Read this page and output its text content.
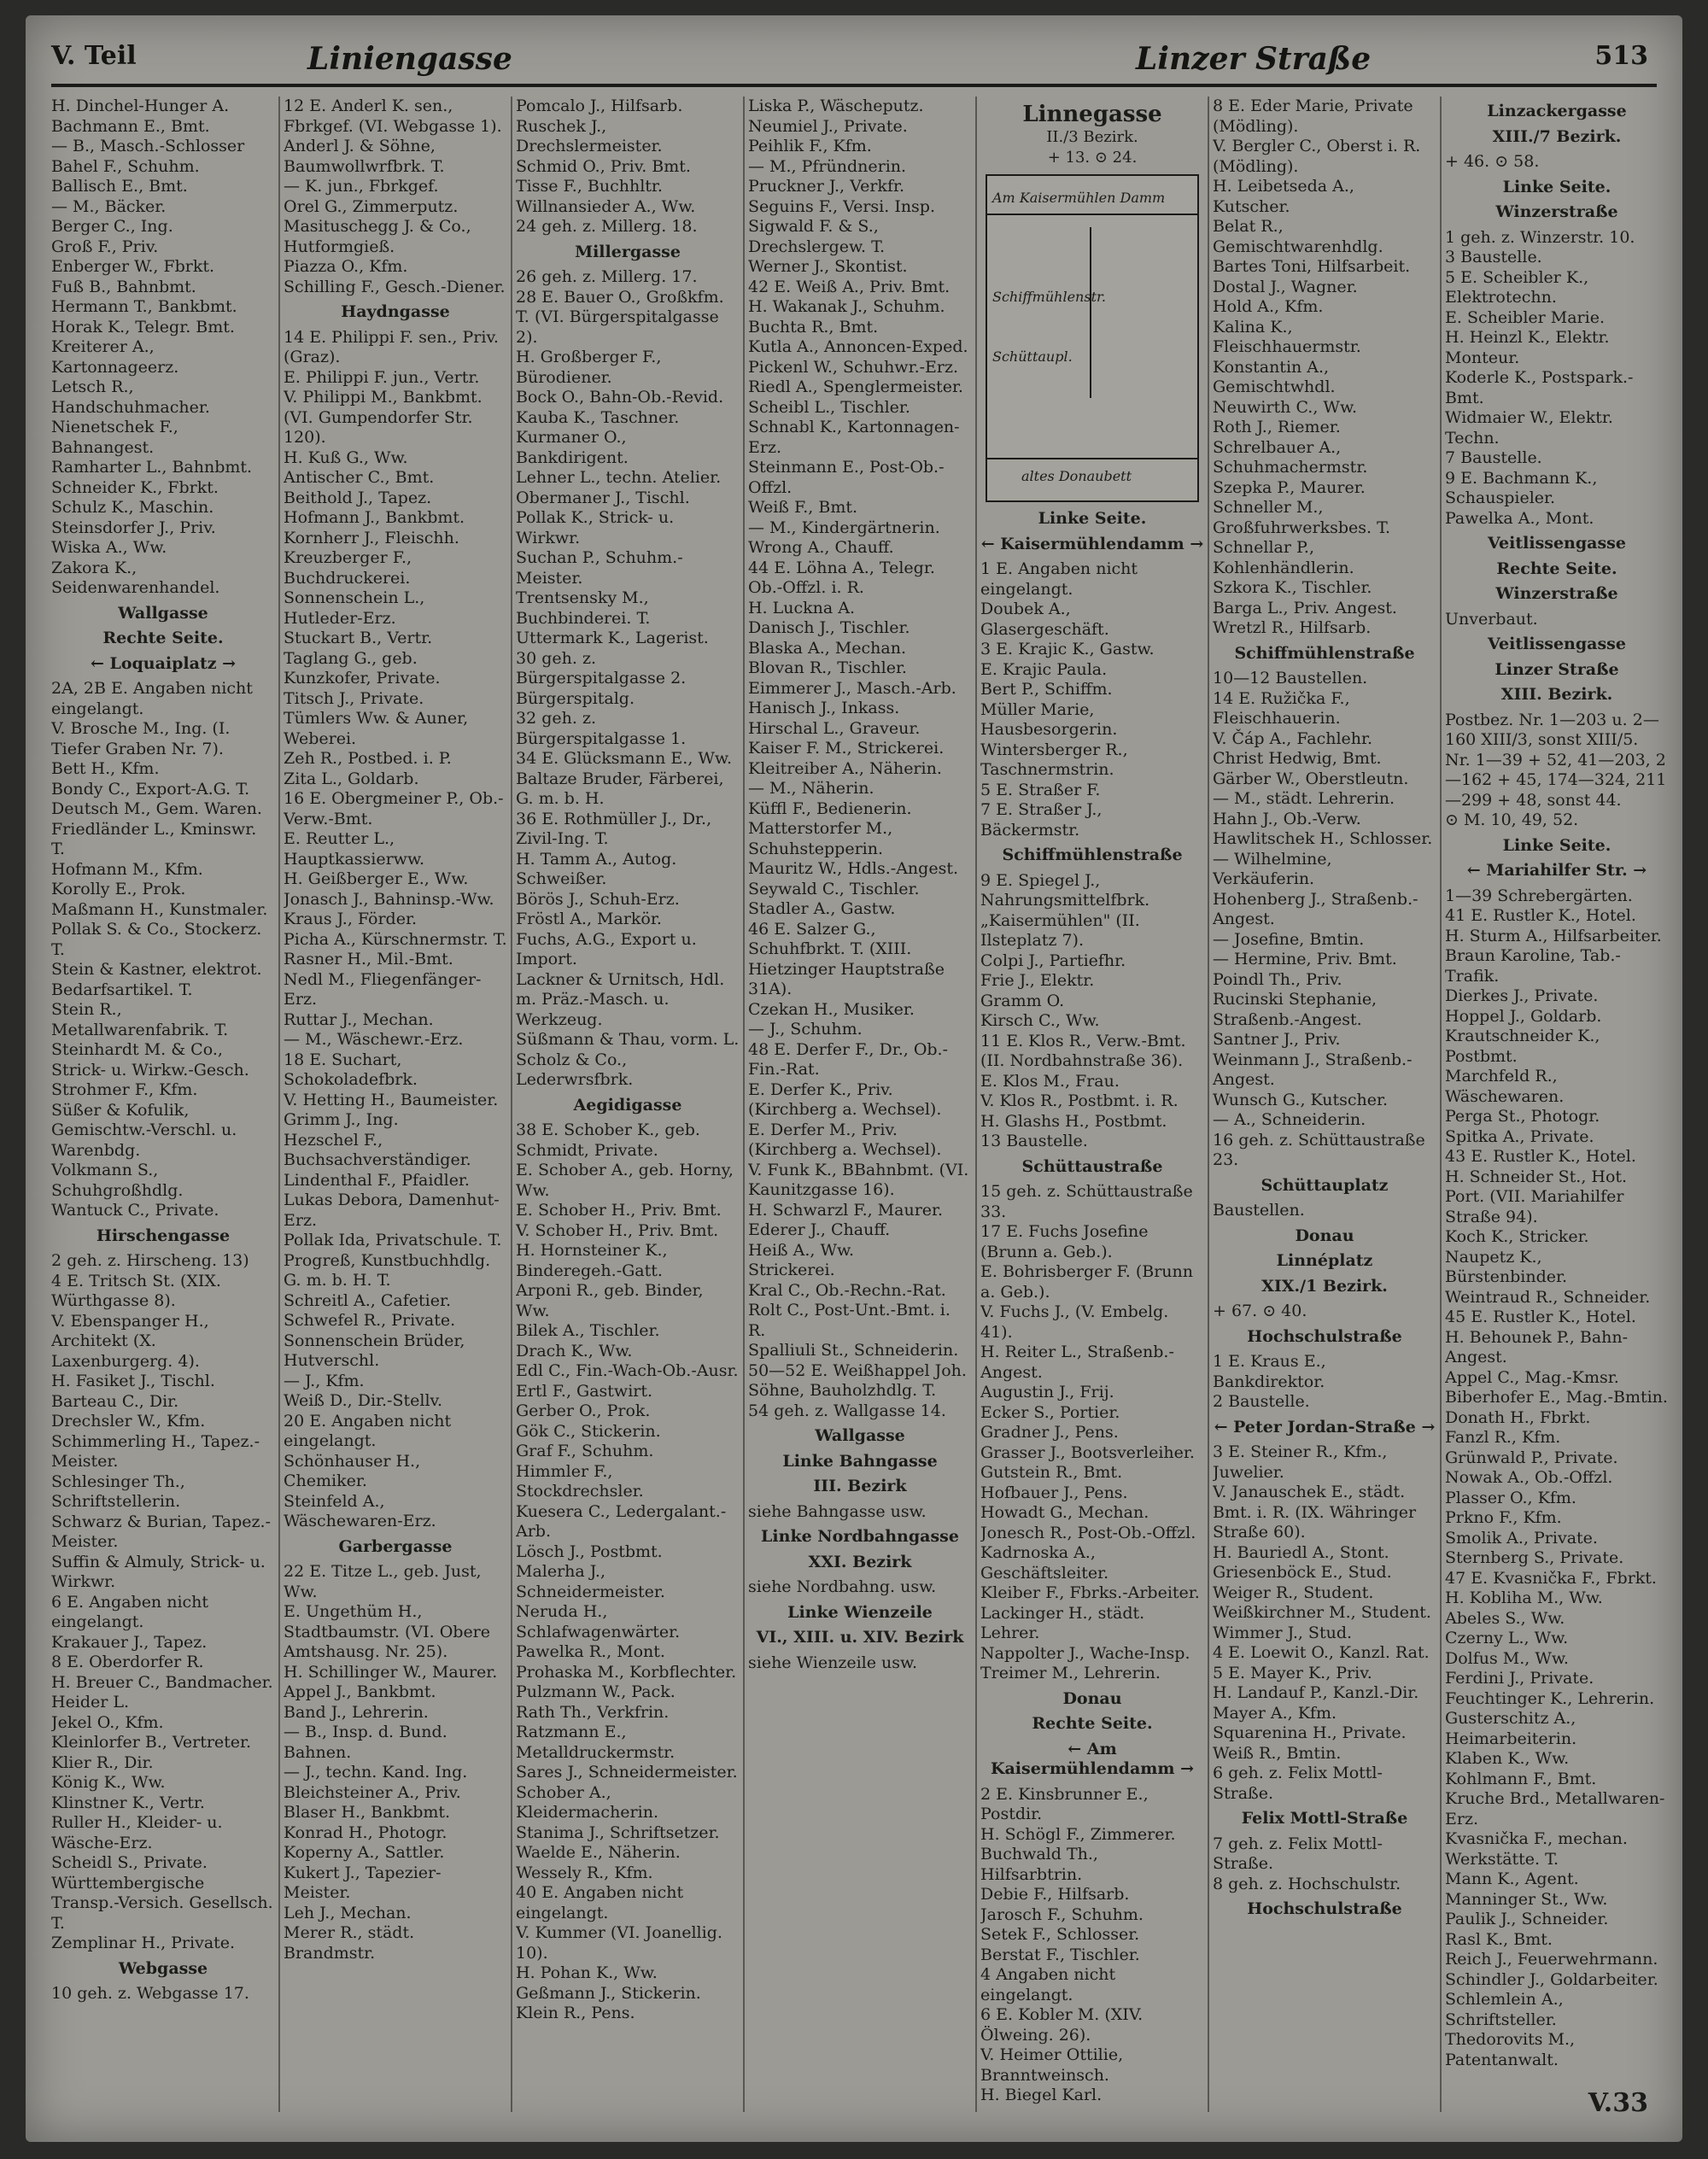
V. Teil	Liniengasse	Linzer Straße	513
H. Dinchel-Hunger A.
Bachmann E., Bmt.
— B., Masch.-Schlosser
Bahel F., Schuhm.
Ballisch E., Bmt.
— M., Bäcker.
Berger C., Ing.
Groß F., Priv.
Enberger W., Fbrkt.
Fuß B., Bahnbmt.
Hermann T., Bankbmt.
Horak K., Telegr. Bmt.
Kreiterer A., Kartonnageerz.
Letsch R., Handschuhmacher.
Nienetschek F., Bahnangest.
Ramharter L., Bahnbmt.
Schneider K., Fbrkt.
Schulz K., Maschin.
Steinsdorfer J., Priv.
Wiska A., Ww.
Zakora K., Seidenwarenhandel.
Wallgasse
Rechte Seite.
← Loquaiplatz →
2A, 2B E. Angaben nicht eingelangt.
V. Brosche M., Ing. (I. Tiefer Graben Nr. 7).
Bett H., Kfm.
Bondy C., Export-A.G. T.
Deutsch M., Gem. Waren.
Friedländer L., Kminswr. T.
Hofmann M., Kfm.
Korolly E., Prok.
Maßmann H., Kunstmaler.
Pollak S. & Co., Stockerz. T.
Stein & Kastner, elektrot. Bedarfsartikel. T.
Stein R., Metallwarenfabrik. T.
Steinhardt M. & Co., Strick- u. Wirkw.-Gesch.
Strohmer F., Kfm.
Süßer & Kofulik, Gemischtw.-Verschl. u. Warenbdg.
Volkmann S., Schuhgroßhdlg.
Wantuck C., Private.
Hirschengasse
2 geh. z. Hirscheng. 13)
4 E. Tritsch St. (XIX. Würthgasse 8).
V. Ebenspanger H., Architekt (X. Laxenburgerg. 4).
H. Fasiket J., Tischl.
Barteau C., Dir.
Drechsler W., Kfm.
Schimmerling H., Tapez.-Meister.
Schlesinger Th., Schriftstellerin.
Schwarz & Burian, Tapez.-Meister.
Suffin & Almuly, Strick- u. Wirkwr.
6 E. Angaben nicht eingelangt.
Krakauer J., Tapez.
8 E. Oberdorfer R.
H. Breuer C., Bandmacher.
Heider L.
Jekel O., Kfm.
Kleinlorfer B., Vertreter.
Klier R., Dir.
König K., Ww.
Klinstner K., Vertr.
Ruller H., Kleider- u. Wäsche-Erz.
Scheidl S., Private.
Württembergische Transp.-Versich. Gesellsch. T.
Zemplinar H., Private.
Webgasse
10 geh. z. Webgasse 17.
12 E. Anderl K. sen., Fbrkgef. (VI. Webgasse 1).
Anderl J. & Söhne, Baumwollwrfbrk. T.
— K. jun., Fbrkgef.
Orel G., Zimmerputz.
Masituschegg J. & Co., Hutformgieß.
Piazza O., Kfm.
Schilling F., Gesch.-Diener.
Haydngasse
14 E. Philippi F. sen., Priv. (Graz).
E. Philippi F. jun., Vertr.
V. Philippi M., Bankbmt. (VI. Gumpendorfer Str. 120).
H. Kuß G., Ww.
Antischer C., Bmt.
Beithold J., Tapez.
Hofmann J., Bankbmt.
Kornherr J., Fleischh.
Kreuzberger F., Buchdruckerei.
Sonnenschein L., Hutleder-Erz.
Stuckart B., Vertr.
Taglang G., geb. Kunzkofer, Private.
Titsch J., Private.
Tümlers Ww. & Auner, Weberei.
Zeh R., Postbed. i. P.
Zita L., Goldarb.
16 E. Obergmeiner P., Ob.-Verw.-Bmt.
E. Reutter L., Hauptkassierww.
H. Geißberger E., Ww.
Jonasch J., Bahninsp.-Ww.
Kraus J., Förder.
Picha A., Kürschnermstr. T.
Rasner H., Mil.-Bmt.
Nedl M., Fliegenfänger-Erz.
Ruttar J., Mechan.
— M., Wäschewr.-Erz.
18 E. Suchart, Schokoladefbrk.
V. Hetting H., Baumeister.
Grimm J., Ing.
Hezschel F., Buchsachverständiger.
Lindenthal F., Pfaidler.
Lukas Debora, Damenhut-Erz.
Pollak Ida, Privatschule. T.
Progreß, Kunstbuchhdlg. G. m. b. H. T.
Schreitl A., Cafetier.
Schwefel R., Private.
Sonnenschein Brüder, Hutverschl.
— J., Kfm.
Weiß D., Dir.-Stellv.
20 E. Angaben nicht eingelangt.
Schönhauser H., Chemiker.
Steinfeld A., Wäschewaren-Erz.
Garbergasse
22 E. Titze L., geb. Just, Ww.
E. Ungethüm H., Stadtbaumstr. (VI. Obere Amtshausg. Nr. 25).
H. Schillinger W., Maurer.
Appel J., Bankbmt.
Band J., Lehrerin.
— B., Insp. d. Bund. Bahnen.
— J., techn. Kand. Ing.
Bleichsteiner A., Priv.
Blaser H., Bankbmt.
Konrad H., Photogr.
Koperny A., Sattler.
Kukert J., Tapezier-Meister.
Leh J., Mechan.
Merer R., städt. Brandmstr.
Pomcalo J., Hilfsarb.
Ruschek J., Drechslermeister.
Schmid O., Priv. Bmt.
Tisse F., Buchhltr.
Willnansieder A., Ww.
24 geh. z. Millerg. 18.
Millergasse
26 geh. z. Millerg. 17.
28 E. Bauer O., Großkfm. T. (VI. Bürgerspitalgasse 2).
H. Großberger F., Bürodiener.
Bock O., Bahn-Ob.-Revid.
Kauba K., Taschner.
Kurmaner O., Bankdirigent.
Lehner L., techn. Atelier.
Obermaner J., Tischl.
Pollak K., Strick- u. Wirkwr.
Suchan P., Schuhm.-Meister.
Trentsensky M., Buchbinderei. T.
Uttermark K., Lagerist.
30 geh. z. Bürgerspitalgasse 2.
Bürgerspitalg.
32 geh. z. Bürgerspitalgasse 1.
34 E. Glücksmann E., Ww.
Baltaze Bruder, Färberei, G. m. b. H.
36 E. Rothmüller J., Dr., Zivil-Ing. T.
H. Tamm A., Autog. Schweißer.
Börös J., Schuh-Erz.
Fröstl A., Markör.
Fuchs, A.G., Export u. Import.
Lackner & Urnitsch, Hdl. m. Präz.-Masch. u. Werkzeug.
Süßmann & Thau, vorm. L. Scholz & Co., Lederwrsfbrk.
Aegidigasse
38 E. Schober K., geb. Schmidt, Private.
E. Schober A., geb. Horny, Ww.
E. Schober H., Priv. Bmt.
V. Schober H., Priv. Bmt.
H. Hornsteiner K., Binderegeh.-Gatt.
Arponi R., geb. Binder, Ww.
Bilek A., Tischler.
Drach K., Ww.
Edl C., Fin.-Wach-Ob.-Ausr.
Ertl F., Gastwirt.
Gerber O., Prok.
Gök C., Stickerin.
Graf F., Schuhm.
Himmler F., Stockdrechsler.
Kuesera C., Ledergalant.-Arb.
Lösch J., Postbmt.
Malerha J., Schneidermeister.
Neruda H., Schlafwagenwärter.
Pawelka R., Mont.
Prohaska M., Korbflechter.
Pulzmann W., Pack.
Rath Th., Verkfrin.
Ratzmann E., Metalldruckermstr.
Sares J., Schneidermeister.
Schober A., Kleidermacherin.
Stanima J., Schriftsetzer.
Waelde E., Näherin.
Wessely R., Kfm.
40 E. Angaben nicht eingelangt.
V. Kummer (VI. Joanellig. 10).
H. Pohan K., Ww.
Geßmann J., Stickerin.
Klein R., Pens.
Liska P., Wäscheputz.
Neumiel J., Private.
Peihlik F., Kfm.
— M., Pfründnerin.
Pruckner J., Verkfr.
Seguins F., Versi. Insp.
Sigwald F. & S., Drechslergew. T.
Werner J., Skontist.
42 E. Weiß A., Priv. Bmt.
H. Wakanak J., Schuhm.
Buchta R., Bmt.
Kutla A., Annoncen-Exped.
Pickenl W., Schuhwr.-Erz.
Riedl A., Spenglermeister.
Scheibl L., Tischler.
Schnabl K., Kartonnagen-Erz.
Steinmann E., Post-Ob.-Offzl.
Weiß F., Bmt.
— M., Kindergärtnerin.
Wrong A., Chauff.
44 E. Löhna A., Telegr. Ob.-Offzl. i. R.
H. Luckna A.
Danisch J., Tischler.
Blaska A., Mechan.
Blovan R., Tischler.
Eimmerer J., Masch.-Arb.
Hanisch J., Inkass.
Hirschal L., Graveur.
Kaiser F. M., Strickerei.
Kleitreiber A., Näherin.
— M., Näherin.
Küffl F., Bedienerin.
Matterstorfer M., Schuhstepperin.
Mauritz W., Hdls.-Angest.
Seywald C., Tischler.
Stadler A., Gastw.
46 E. Salzer G., Schuhfbrkt. T. (XIII. Hietzinger Hauptstraße 31A).
Czekan H., Musiker.
— J., Schuhm.
48 E. Derfer F., Dr., Ob.-Fin.-Rat.
E. Derfer K., Priv. (Kirchberg a. Wechsel).
E. Derfer M., Priv. (Kirchberg a. Wechsel).
V. Funk K., BBahnbmt. (VI. Kaunitzgasse 16).
H. Schwarzl F., Maurer.
Ederer J., Chauff.
Heiß A., Ww.
Strickerei.
Kral C., Ob.-Rechn.-Rat.
Rolt C., Post-Unt.-Bmt. i. R.
Spalliuli St., Schneiderin.
50—52 E. Weißhappel Joh. Söhne, Bauholzhdlg. T.
54 geh. z. Wallgasse 14.
Wallgasse
Linke Bahngasse
III. Bezirk
siehe Bahngasse usw.
Linke Nordbahngasse
XXI. Bezirk
siehe Nordbahng. usw.
Linke Wienzeile
VI., XIII. u. XIV. Bezirk
siehe Wienzeile usw.
Linnegasse
II./3 Bezirk.
+ 13. ⊙ 24.
Am Kaisermühlen Damm
Schiffmühlenstr.
Schüttaupl.
altes Donaubett
Linke Seite.
← Kaisermühlendamm →
1 E. Angaben nicht eingelangt.
Doubek A., Glasergeschäft.
3 E. Krajic K., Gastw.
E. Krajic Paula.
Bert P., Schiffm.
Müller Marie, Hausbesorgerin.
Wintersberger R., Taschnermstrin.
5 E. Straßer F.
7 E. Straßer J., Bäckermstr.
Schiffmühlenstraße
9 E. Spiegel J., Nahrungsmittelfbrk. „Kaisermühlen" (II. Ilsteplatz 7).
Colpi J., Partiefhr.
Frie J., Elektr.
Gramm O.
Kirsch C., Ww.
11 E. Klos R., Verw.-Bmt. (II. Nordbahnstraße 36).
E. Klos M., Frau.
V. Klos R., Postbmt. i. R.
H. Glashs H., Postbmt.
13 Baustelle.
Schüttaustraße
15 geh. z. Schüttaustraße 33.
17 E. Fuchs Josefine (Brunn a. Geb.).
E. Bohrisberger F. (Brunn a. Geb.).
V. Fuchs J., (V. Embelg. 41).
H. Reiter L., Straßenb.-Angest.
Augustin J., Frij.
Ecker S., Portier.
Gradner J., Pens.
Grasser J., Bootsverleiher.
Gutstein R., Bmt.
Hofbauer J., Pens.
Howadt G., Mechan.
Jonesch R., Post-Ob.-Offzl.
Kadrnoska A., Geschäftsleiter.
Kleiber F., Fbrks.-Arbeiter.
Lackinger H., städt. Lehrer.
Nappolter J., Wache-Insp.
Treimer M., Lehrerin.
Donau
Rechte Seite.
← Am Kaisermühlendamm →
2 E. Kinsbrunner E., Postdir.
H. Schögl F., Zimmerer.
Buchwald Th., Hilfsarbtrin.
Debie F., Hilfsarb.
Jarosch F., Schuhm.
Setek F., Schlosser.
Berstat F., Tischler.
4 Angaben nicht eingelangt.
6 E. Kobler M. (XIV. Ölweing. 26).
V. Heimer Ottilie, Branntweinsch.
H. Biegel Karl.
8 E. Eder Marie, Private (Mödling).
V. Bergler C., Oberst i. R. (Mödling).
H. Leibetseda A., Kutscher.
Belat R., Gemischtwarenhdlg.
Bartes Toni, Hilfsarbeit.
Dostal J., Wagner.
Hold A., Kfm.
Kalina K., Fleischhauermstr.
Konstantin A., Gemischtwhdl.
Neuwirth C., Ww.
Roth J., Riemer.
Schrelbauer A., Schuhmachermstr.
Szepka P., Maurer.
Schneller M., Großfuhrwerksbes. T.
Schnellar P., Kohlenhändlerin.
Szkora K., Tischler.
Barga L., Priv. Angest.
Wretzl R., Hilfsarb.
Schiffmühlenstraße
10—12 Baustellen.
14 E. Ružička F., Fleischhauerin.
V. Čáp A., Fachlehr.
Christ Hedwig, Bmt.
Gärber W., Oberstleutn.
— M., städt. Lehrerin.
Hahn J., Ob.-Verw.
Hawlitschek H., Schlosser.
— Wilhelmine, Verkäuferin.
Hohenberg J., Straßenb.-Angest.
— Josefine, Bmtin.
— Hermine, Priv. Bmt.
Poindl Th., Priv.
Rucinski Stephanie, Straßenb.-Angest.
Santner J., Priv.
Weinmann J., Straßenb.-Angest.
Wunsch G., Kutscher.
— A., Schneiderin.
16 geh. z. Schüttaustraße 23.
Schüttauplatz
Baustellen.
Donau
Linnéplatz
XIX./1 Bezirk.
+ 67. ⊙ 40.
Hochschulstraße
1 E. Kraus E., Bankdirektor.
2 Baustelle.
← Peter Jordan-Straße →
3 E. Steiner R., Kfm., Juwelier.
V. Janauschek E., städt. Bmt. i. R. (IX. Währinger Straße 60).
H. Bauriedl A., Stont.
Griesenböck E., Stud.
Weiger R., Student.
Weißkirchner M., Student.
Wimmer J., Stud.
4 E. Loewit O., Kanzl. Rat.
5 E. Mayer K., Priv.
H. Landauf P., Kanzl.-Dir.
Mayer A., Kfm.
Squarenina H., Private.
Weiß R., Bmtin.
6 geh. z. Felix Mottl-Straße.
Felix Mottl-Straße
7 geh. z. Felix Mottl-Straße.
8 geh. z. Hochschulstr.
Hochschulstraße
Linzackergasse
XIII./7 Bezirk.
+ 46. ⊙ 58.
Linke Seite.
Winzerstraße
1 geh. z. Winzerstr. 10.
3 Baustelle.
5 E. Scheibler K., Elektrotechn.
E. Scheibler Marie.
H. Heinzl K., Elektr. Monteur.
Koderle K., Postspark.-Bmt.
Widmaier W., Elektr. Techn.
7 Baustelle.
9 E. Bachmann K., Schauspieler.
Pawelka A., Mont.
Veitlissengasse
Rechte Seite.
Winzerstraße
Unverbaut.
Veitlissengasse
Linzer Straße
XIII. Bezirk.
Postbez. Nr. 1—203 u. 2—160 XIII/3, sonst XIII/5.
Nr. 1—39 + 52, 41—203, 2—162 + 45, 174—324, 211—299 + 48, sonst 44.
⊙ M. 10, 49, 52.
Linke Seite.
← Mariahilfer Str. →
1—39 Schrebergärten.
41 E. Rustler K., Hotel.
H. Sturm A., Hilfsarbeiter.
Braun Karoline, Tab.-Trafik.
Dierkes J., Private.
Hoppel J., Goldarb.
Krautschneider K., Postbmt.
Marchfeld R., Wäschewaren.
Perga St., Photogr.
Spitka A., Private.
43 E. Rustler K., Hotel.
H. Schneider St., Hot. Port. (VII. Mariahilfer Straße 94).
Koch K., Stricker.
Naupetz K., Bürstenbinder.
Weintraud R., Schneider.
45 E. Rustler K., Hotel.
H. Behounek P., Bahn-Angest.
Appel C., Mag.-Kmsr.
Biberhofer E., Mag.-Bmtin.
Donath H., Fbrkt.
Fanzl R., Kfm.
Grünwald P., Private.
Nowak A., Ob.-Offzl.
Plasser O., Kfm.
Prkno F., Kfm.
Smolik A., Private.
Sternberg S., Private.
47 E. Kvasnička F., Fbrkt.
H. Kobliha M., Ww.
Abeles S., Ww.
Czerny L., Ww.
Dolfus M., Ww.
Ferdini J., Private.
Feuchtinger K., Lehrerin.
Gusterschitz A., Heimarbeiterin.
Klaben K., Ww.
Kohlmann F., Bmt.
Kruche Brd., Metallwaren-Erz.
Kvasnička F., mechan. Werkstätte. T.
Mann K., Agent.
Manninger St., Ww.
Paulik J., Schneider.
Rasl K., Bmt.
Reich J., Feuerwehrmann.
Schindler J., Goldarbeiter.
Schlemlein A., Schriftsteller.
Thedorovits M., Patentanwalt.
V.33
